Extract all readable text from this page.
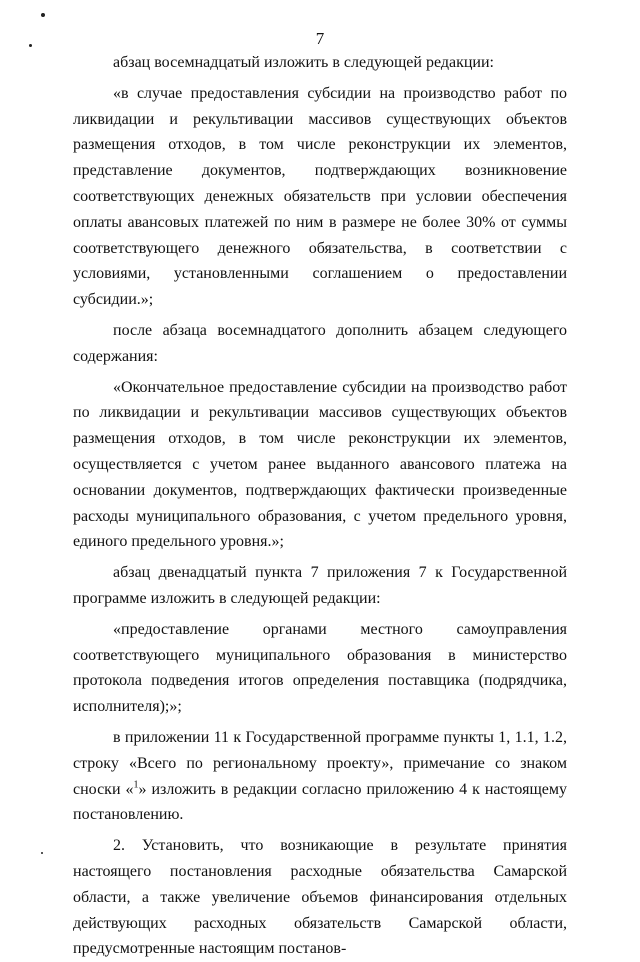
7

абзац восемнадцатый изложить в следующей редакции:

«в случае предоставления субсидии на производство работ по ликвидации и рекультивации массивов существующих объектов размещения отходов, в том числе реконструкции их элементов, представление документов, подтверждающих возникновение соответствующих денежных обязательств при условии обеспечения оплаты авансовых платежей по ним в размере не более 30% от суммы соответствующего денежного обязательства, в соответствии с условиями, установленными соглашением о предоставлении субсидии.»;

после абзаца восемнадцатого дополнить абзацем следующего содержания:

«Окончательное предоставление субсидии на производство работ по ликвидации и рекультивации массивов существующих объектов размещения отходов, в том числе реконструкции их элементов, осуществляется с учетом ранее выданного авансового платежа на основании документов, подтверждающих фактически произведенные расходы муниципального образования, с учетом предельного уровня, единого предельного уровня.»;

абзац двенадцатый пункта 7 приложения 7 к Государственной программе изложить в следующей редакции:

«предоставление органами местного самоуправления соответствующего муниципального образования в министерство протокола подведения итогов определения поставщика (подрядчика, исполнителя);»;

в приложении 11 к Государственной программе пункты 1, 1.1, 1.2, строку «Всего по региональному проекту», примечание со знаком сноски «$^1$» изложить в редакции согласно приложению 4 к настоящему постановлению.

2. Установить, что возникающие в результате принятия настоящего постановления расходные обязательства Самарской области, а также увеличение объемов финансирования отдельных действующих расходных обязательств Самарской области, предусмотренные настоящим постанов-
